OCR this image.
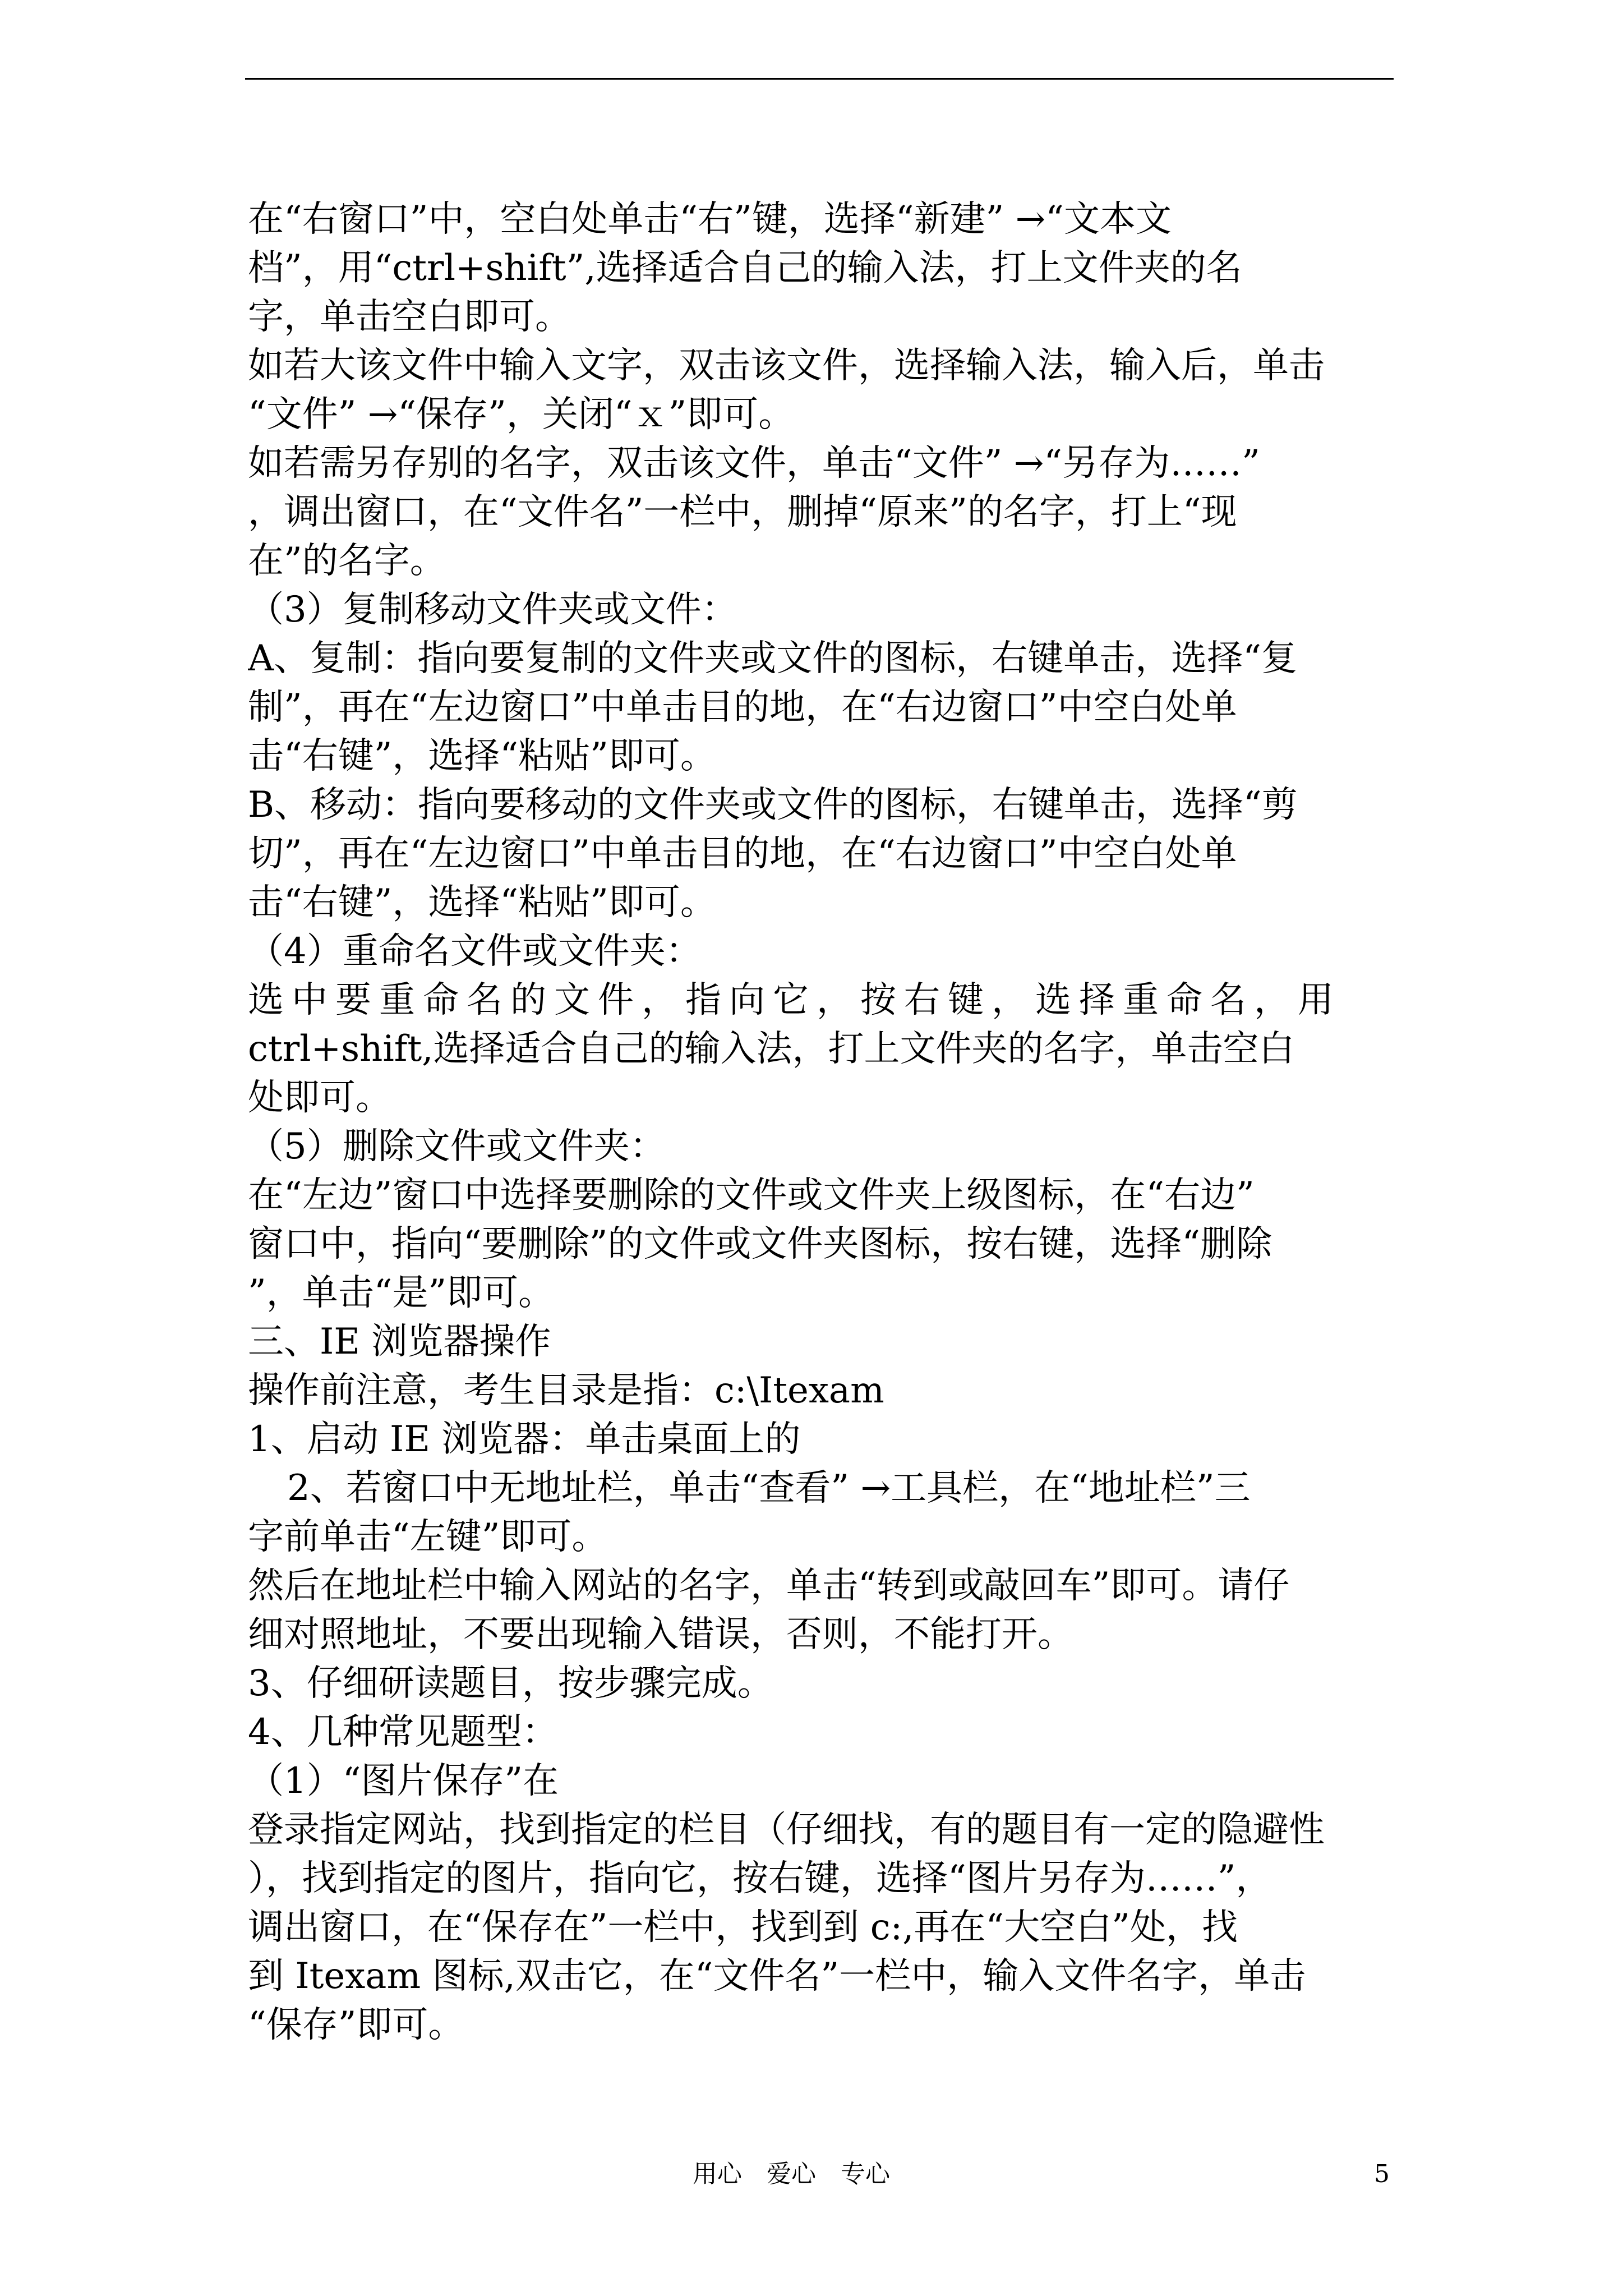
在“右窗口”中，空白处单击“右”键，选择“新建” →“文本文
档”，用“ctrl+shift”,选择适合自己的输入法，打上文件夹的名
字，单击空白即可。
如若大该文件中输入文字，双击该文件，选择输入法，输入后，单击
“文件” →“保存”，关闭“ｘ”即可。
如若需另存别的名字，双击该文件，单击“文件” →“另存为……”
，调出窗口，在“文件名”一栏中，删掉“原来”的名字，打上“现
在”的名字。
（3）复制移动文件夹或文件：
A、复制：指向要复制的文件夹或文件的图标，右键单击，选择“复
制”，再在“左边窗口”中单击目的地，在“右边窗口”中空白处单
击“右键”，选择“粘贴”即可。
B、移动：指向要移动的文件夹或文件的图标，右键单击，选择“剪
切”，再在“左边窗口”中单击目的地，在“右边窗口”中空白处单
击“右键”，选择“粘贴”即可。
（4）重命名文件或文件夹：
选中要重命名的文件，指向它，按右键，选择重命名，用
ctrl+shift,选择适合自己的输入法，打上文件夹的名字，单击空白
处即可。
（5）删除文件或文件夹：
在“左边”窗口中选择要删除的文件或文件夹上级图标，在“右边”
窗口中，指向“要删除”的文件或文件夹图标，按右键，选择“删除
”，单击“是”即可。
三、IE 浏览器操作
操作前注意，考生目录是指：c:\Itexam
1、启动 IE 浏览器：单击桌面上的
2、若窗口中无地址栏，单击“查看” →工具栏，在“地址栏”三
字前单击“左键”即可。
然后在地址栏中输入网站的名字，单击“转到或敲回车”即可。请仔
细对照地址，不要出现输入错误，否则，不能打开。
3、仔细研读题目，按步骤完成。
4、几种常见题型：
（1）“图片保存”在
登录指定网站，找到指定的栏目（仔细找，有的题目有一定的隐避性
），找到指定的图片，指向它，按右键，选择“图片另存为……”，
调出窗口，在“保存在”一栏中，找到到 c:,再在“大空白”处，找
到 Itexam 图标,双击它，在“文件名”一栏中，输入文件名字，单击
“保存”即可。
用心　爱心　专心	5
